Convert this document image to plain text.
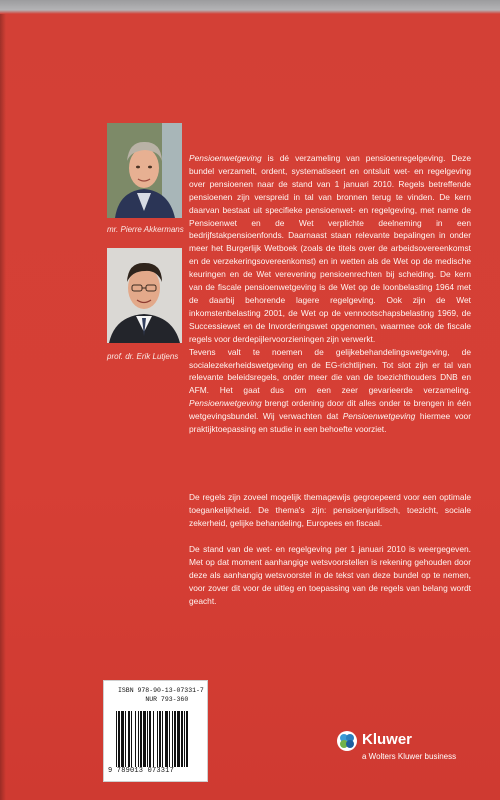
mr. Pierre Akkermans
prof. dr. Erik Lutjens

Pensioenwetgeving is dé verzameling van pensioenregelgeving. Deze bundel verzamelt, ordent, systematiseert en ontsluit wet- en regelgeving over pensioenen naar de stand van 1 januari 2010. Regels betreffende pensioenen zijn verspreid in tal van bronnen terug te vinden. De kern daarvan bestaat uit specifieke pensioenwet- en regelgeving, met name de Pensioenwet en de Wet verplichte deelneming in een bedrijfstakpensioenfonds. Daarnaast staan relevante bepalingen in onder meer het Burgerlijk Wetboek (zoals de titels over de arbeidsovereenkomst en de verzekeringsovereenkomst) en in wetten als de Wet op de medische keuringen en de Wet verevening pensioenrechten bij scheiding. De kern van de fiscale pensioenwetgeving is de Wet op de loonbelasting 1964 met de daarbij behorende lagere regelgeving. Ook zijn de Wet inkomstenbelasting 2001, de Wet op de vennootschapsbelasting 1969, de Successiewet en de Invorderingswet opgenomen, waarmee ook de fiscale regels voor derdepijlervoorzieningen zijn verwerkt.
Tevens valt te noemen de gelijkebehandelingswetgeving, de socialezekerheidswetgeving en de EG-richtlijnen. Tot slot zijn er tal van relevante beleidsregels, onder meer die van de toezichthouders DNB en AFM. Het gaat dus om een zeer gevarieerde verzameling. Pensioenwetgeving brengt ordening door dit alles onder te brengen in één wetgevingsbundel. Wij verwachten dat Pensioenwetgeving hiermee voor praktijktoepassing en studie in een behoefte voorziet.

De regels zijn zoveel mogelijk themagewijs gegroepeerd voor een optimale toegankelijkheid. De thema's zijn: pensioenjuridisch, toezicht, sociale zekerheid, gelijke behandeling, Europees en fiscaal.

De stand van de wet- en regelgeving per 1 januari 2010 is weergegeven. Met op dat moment aanhangige wetsvoorstellen is rekening gehouden door deze als aanhangig wetsvoorstel in de tekst van deze bundel op te nemen, voor zover dit voor de uitleg en toepassing van de regels van belang wordt geacht.

ISBN 978-90-13-07331-7
NUR 793-360
9 789013 073317
Kluwer
a Wolters Kluwer business
